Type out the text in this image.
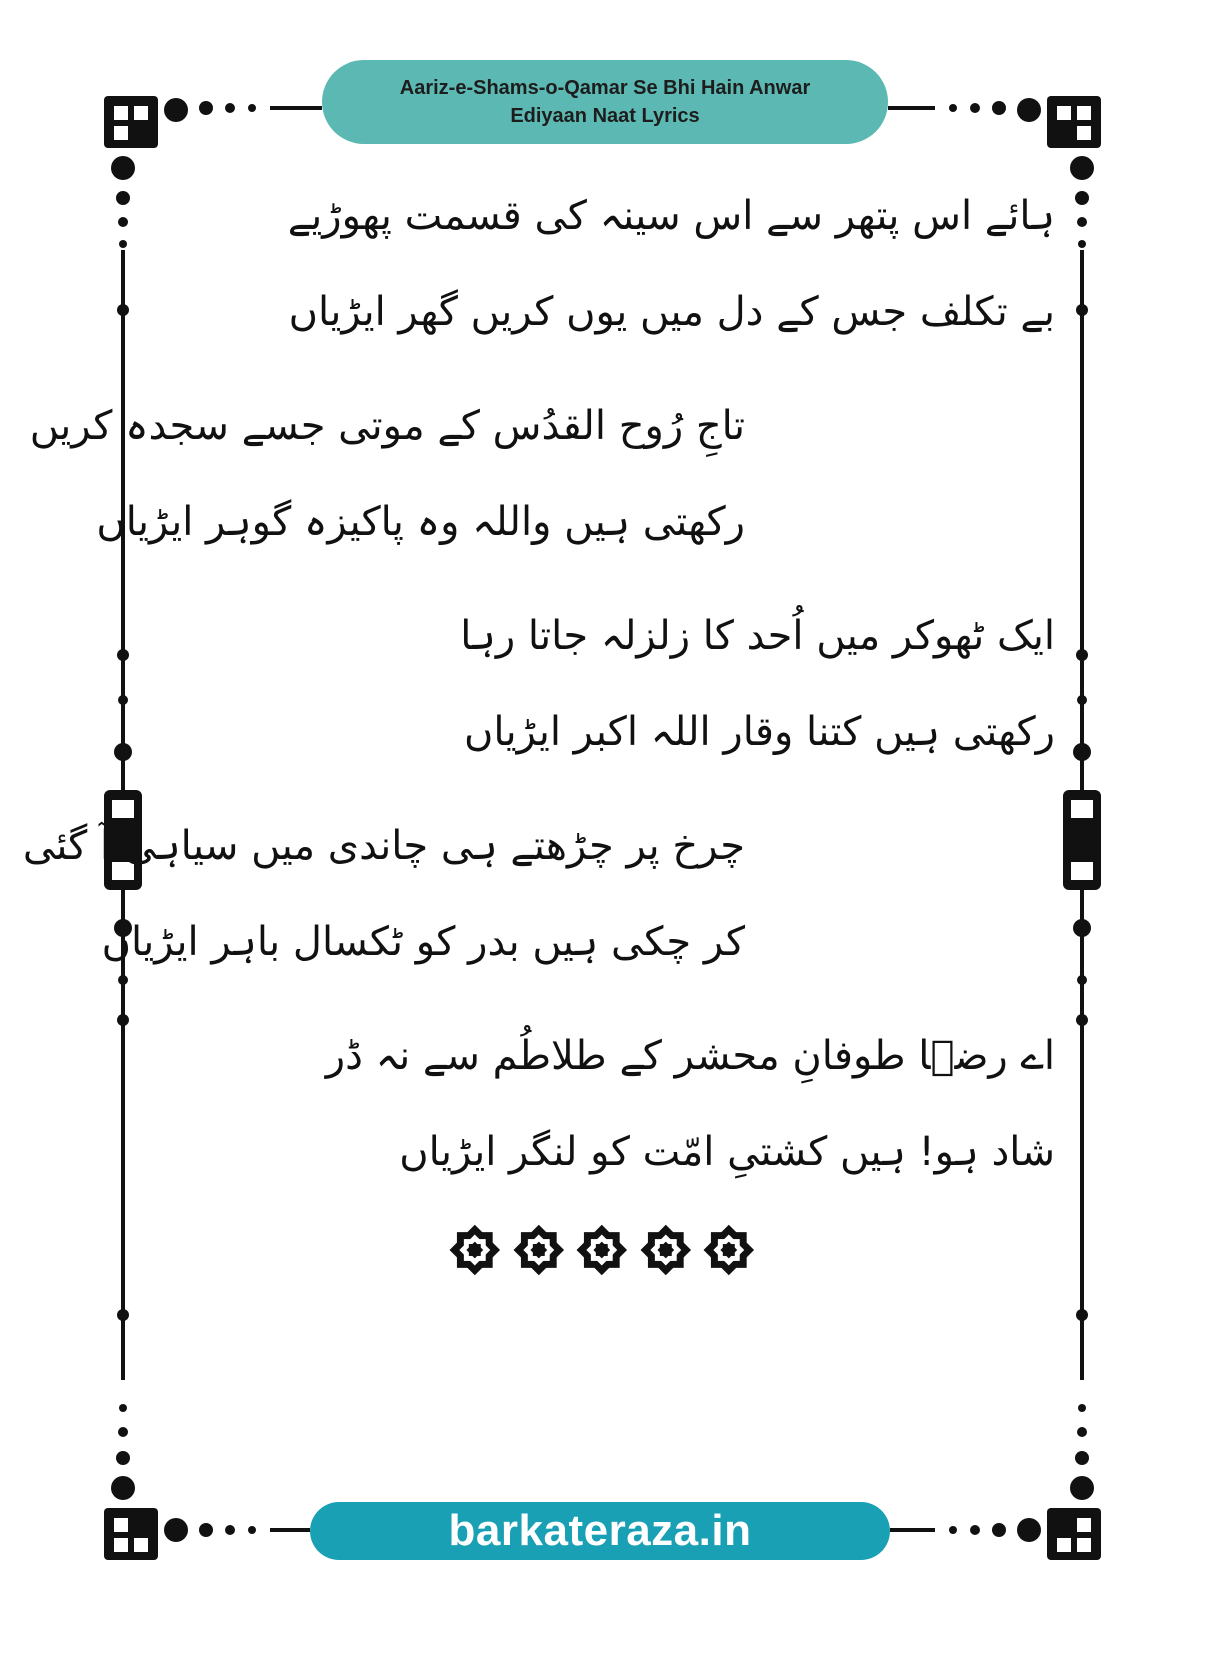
Aariz-e-Shams-o-Qamar Se Bhi Hain Anwar
Ediyaan Naat Lyrics
ہائے اس پتھر سے اس سینہ کی قسمت پھوڑیے
بے تکلف جس کے دل میں یوں کریں گھر ایڑیاں
تاجِ رُوح القدُس کے موتی جسے سجدہ کریں
رکھتی ہیں واللہ وہ پاکیزہ گوہر ایڑیاں
ایک ٹھوکر میں اُحد کا زلزلہ جاتا رہا
رکھتی ہیں کتنا وقار اللہ اکبر ایڑیاں
چرخ پر چڑھتے ہی چاندی میں سیاہی آ گئی
کر چکی ہیں بدر کو ٹکسال باہر ایڑیاں
اے رضؔا طوفانِ محشر کے طلاطُم سے نہ ڈر
شاد ہو! ہیں کشتیِ امّت کو لنگر ایڑیاں
barkateraza.in
